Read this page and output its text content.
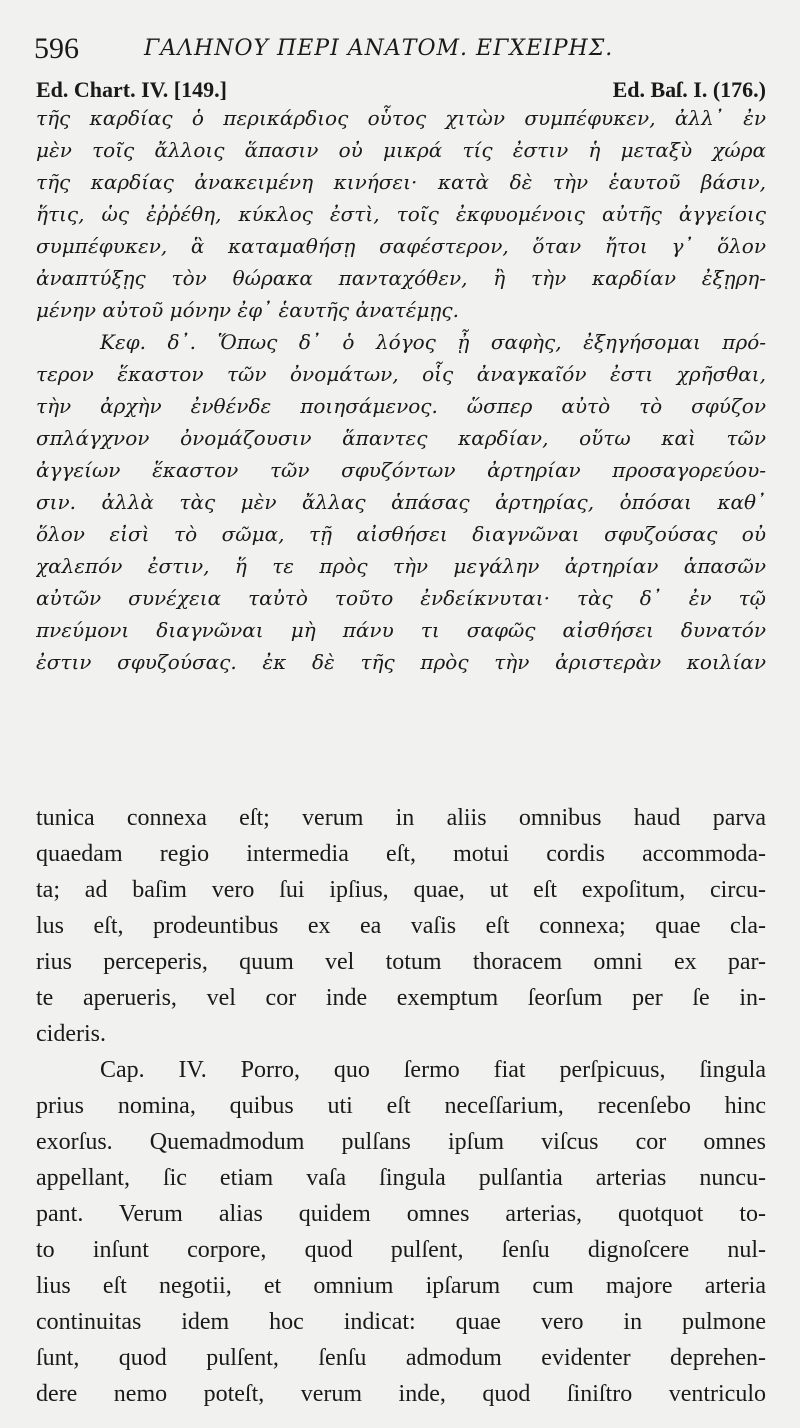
596	ΓΑΛΗΝΟΥ ΠΕΡΙ ΑΝΑΤΟΜ. ΕΓΧΕΙΡΗΣ.
Ed. Chart. IV. [149.]	Ed. Baſ. I. (176.)
τῆς καρδίας ὁ περικάρδιος οὗτος χιτὼν συμπέφυκεν, ἀλλ᾽ ἐν
μὲν τοῖς ἄλλοις ἅπασιν οὐ μικρά τίς ἐστιν ἡ μεταξὺ χώρα
τῆς καρδίας ἀνακειμένη κινήσει· κατὰ δὲ τὴν ἑαυτοῦ βάσιν,
ἥτις, ὡς ἐῤῥέθη, κύκλος ἐστὶ, τοῖς ἐκφυομένοις αὐτῆς ἀγγείοις
συμπέφυκεν, ἃ καταμαθήσῃ σαφέστερον, ὅταν ἤτοι γ᾽ ὅλον
ἀναπτύξῃς τὸν θώρακα πανταχόθεν, ἢ τὴν καρδίαν ἐξῃρη-
μένην αὐτοῦ μόνην ἐφ᾽ ἑαυτῆς ἀνατέμῃς.
Κεφ. δ᾽. Ὅπως δ᾽ ὁ λόγος ᾖ σαφὴς, ἐξηγήσομαι πρό-
τερον ἕκαστον τῶν ὀνομάτων, οἷς ἀναγκαῖόν ἐστι χρῆσθαι,
τὴν ἀρχὴν ἐνθένδε ποιησάμενος. ὥσπερ αὐτὸ τὸ σφύζον
σπλάγχνον ὀνομάζουσιν ἅπαντες καρδίαν, οὕτω καὶ τῶν
ἀγγείων ἕκαστον τῶν σφυζόντων ἀρτηρίαν προσαγορεύου-
σιν. ἀλλὰ τὰς μὲν ἄλλας ἁπάσας ἀρτηρίας, ὁπόσαι καθ᾽
ὅλον εἰσὶ τὸ σῶμα, τῇ αἰσθήσει διαγνῶναι σφυζούσας οὐ
χαλεπόν ἐστιν, ἥ τε πρὸς τὴν μεγάλην ἀρτηρίαν ἁπασῶν
αὐτῶν συνέχεια ταὐτὸ τοῦτο ἐνδείκνυται· τὰς δ᾽ ἐν τῷ
πνεύμονι διαγνῶναι μὴ πάνυ τι σαφῶς αἰσθήσει δυνατόν
ἐστιν σφυζούσας. ἐκ δὲ τῆς πρὸς τὴν ἀριστερὰν κοιλίαν
tunica connexa eſt; verum in aliis omnibus haud parva
quaedam regio intermedia eſt, motui cordis accommoda-
ta; ad baſim vero ſui ipſius, quae, ut eſt expoſitum, circu-
lus eſt, prodeuntibus ex ea vaſis eſt connexa; quae cla-
rius perceperis, quum vel totum thoracem omni ex par-
te aperueris, vel cor inde exemptum ſeorſum per ſe in-
cideris.
Cap. IV. Porro, quo ſermo fiat perſpicuus, ſingula
prius nomina, quibus uti eſt neceſſarium, recenſebo hinc
exorſus. Quemadmodum pulſans ipſum viſcus cor omnes
appellant, ſic etiam vaſa ſingula pulſantia arterias nuncu-
pant. Verum alias quidem omnes arterias, quotquot to-
to inſunt corpore, quod pulſent, ſenſu dignoſcere nul-
lius eſt negotii, et omnium ipſarum cum majore arteria
continuitas idem hoc indicat: quae vero in pulmone
ſunt, quod pulſent, ſenſu admodum evidenter deprehen-
dere nemo poteſt, verum inde, quod ſiniſtro ventriculo
